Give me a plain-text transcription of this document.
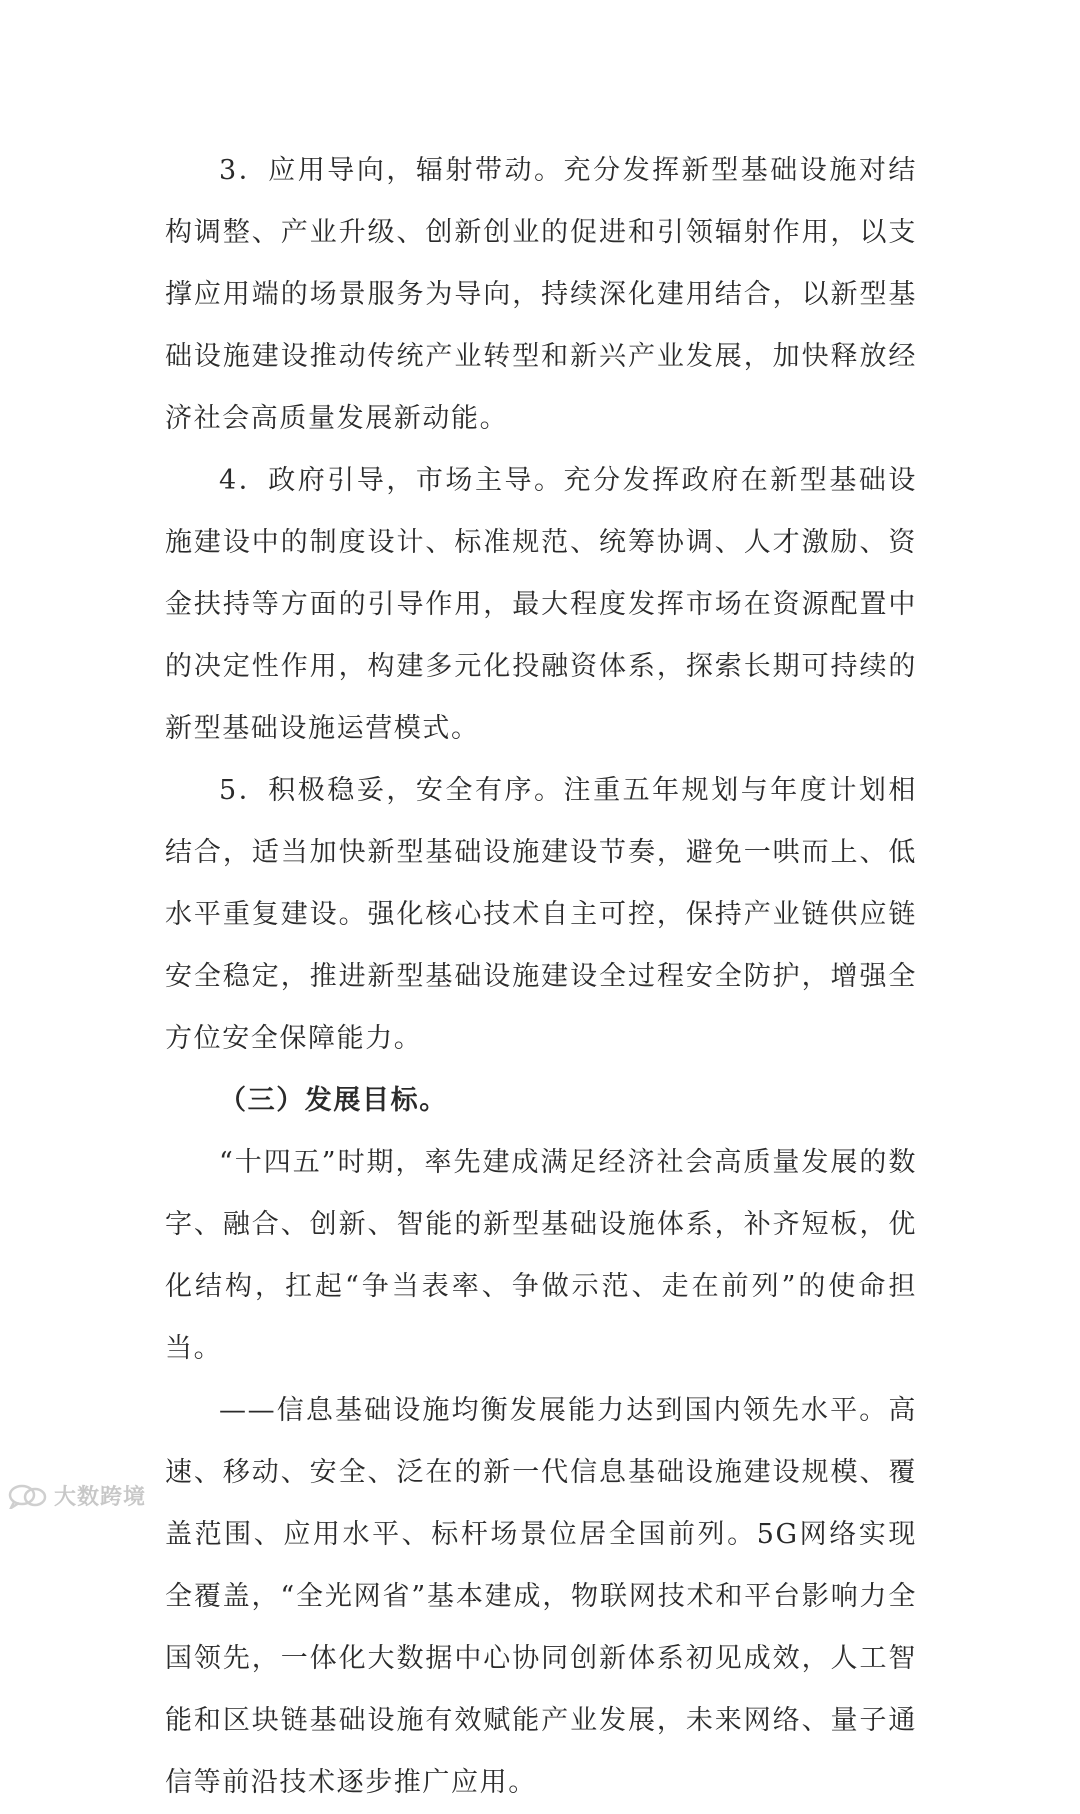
3．应用导向，辐射带动。充分发挥新型基础设施对结构调整、产业升级、创新创业的促进和引领辐射作用，以支撑应用端的场景服务为导向，持续深化建用结合，以新型基础设施建设推动传统产业转型和新兴产业发展，加快释放经济社会高质量发展新动能。

4．政府引导，市场主导。充分发挥政府在新型基础设施建设中的制度设计、标准规范、统筹协调、人才激励、资金扶持等方面的引导作用，最大程度发挥市场在资源配置中的决定性作用，构建多元化投融资体系，探索长期可持续的新型基础设施运营模式。

5．积极稳妥，安全有序。注重五年规划与年度计划相结合，适当加快新型基础设施建设节奏，避免一哄而上、低水平重复建设。强化核心技术自主可控，保持产业链供应链安全稳定，推进新型基础设施建设全过程安全防护，增强全方位安全保障能力。

（三）发展目标。

“十四五”时期，率先建成满足经济社会高质量发展的数字、融合、创新、智能的新型基础设施体系，补齐短板，优化结构，扛起“争当表率、争做示范、走在前列”的使命担当。

——信息基础设施均衡发展能力达到国内领先水平。高速、移动、安全、泛在的新一代信息基础设施建设规模、覆盖范围、应用水平、标杆场景位居全国前列。5G网络实现全覆盖，“全光网省”基本建成，物联网技术和平台影响力全国领先，一体化大数据中心协同创新体系初见成效，人工智能和区块链基础设施有效赋能产业发展，未来网络、量子通信等前沿技术逐步推广应用。

大数跨境
